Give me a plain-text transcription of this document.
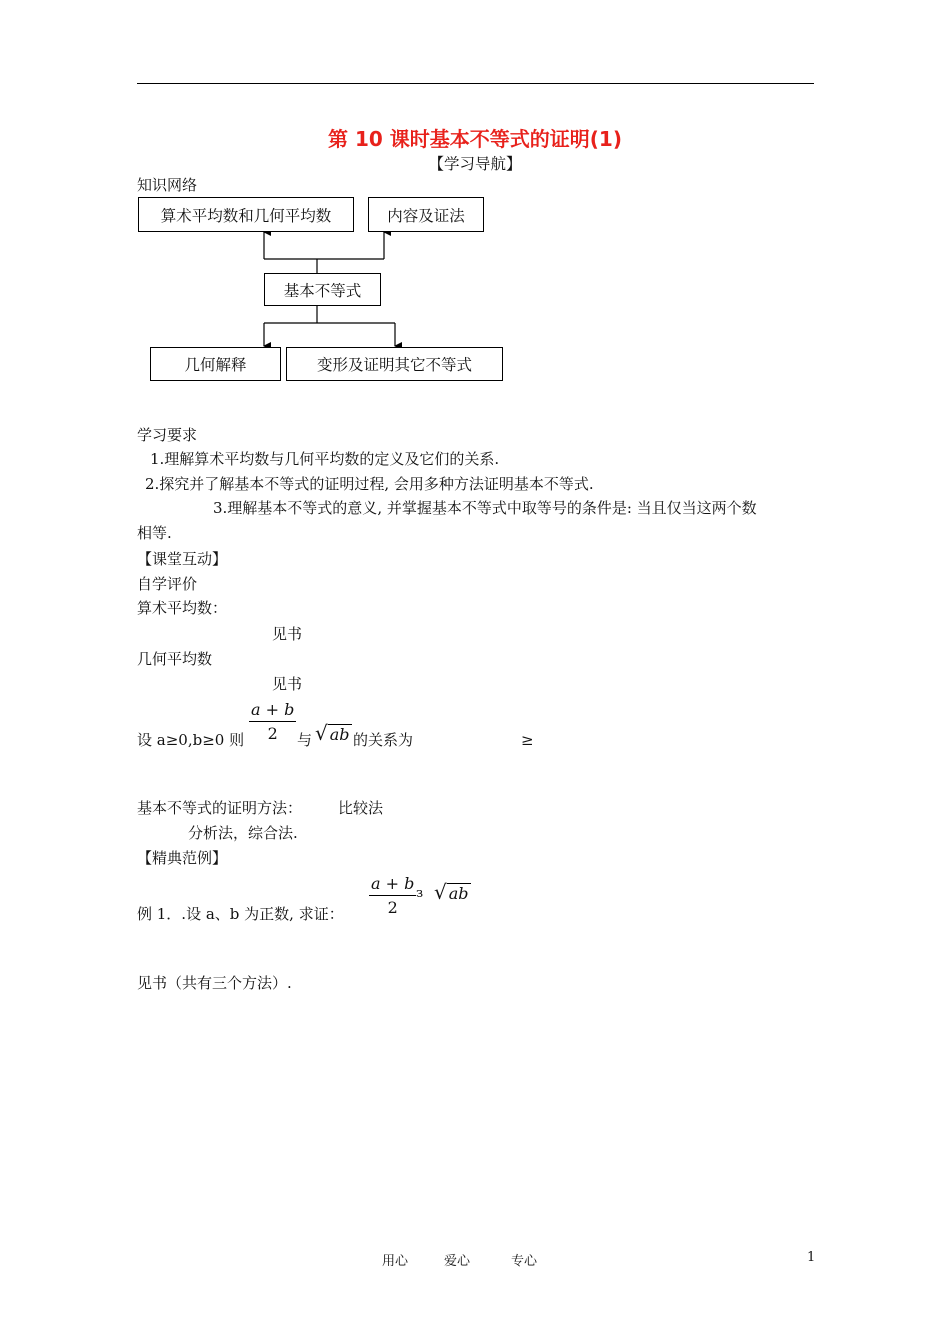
第 10 课时基本不等式的证明(1)
【学习导航】
知识网络
算术平均数和几何平均数	内容及证法
基本不等式
几何解释	变形及证明其它不等式
学习要求
1.理解算术平均数与几何平均数的定义及它们的关系.
2.探究并了解基本不等式的证明过程, 会用多种方法证明基本不等式.
3.理解基本不等式的意义, 并掌握基本不等式中取等号的条件是: 当且仅当这两个数
相等.
【课堂互动】
自学评价
算术平均数：
见书
几何平均数
见书
设 a≥0,b≥0 则 $\frac{a + b}{2}$ 与 √ ab 的关系为	≥
基本不等式的证明方法： 比较法
分析法，综合法.
【精典范例】
$\frac{a + b}{2}$ з √ ab
例 1．.设 a、b 为正数, 求证：
见书（共有三个方法）.
用心	爱心	专心	1
